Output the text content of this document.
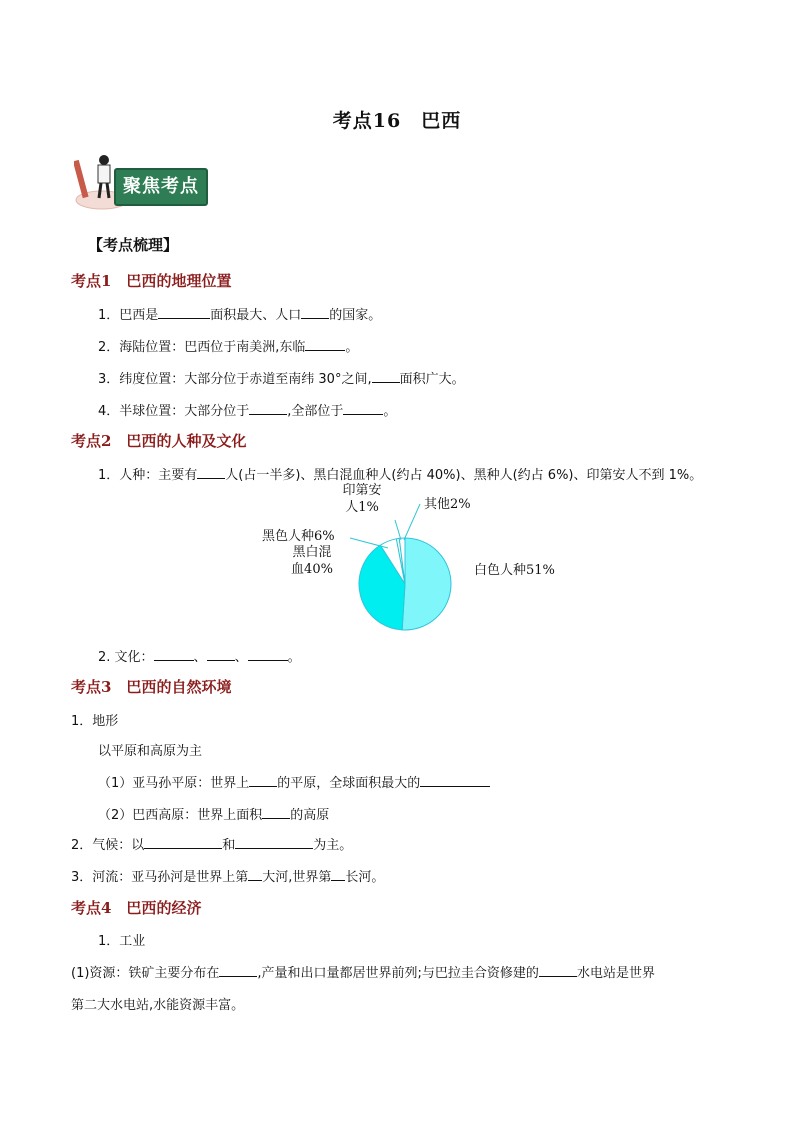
考点16　巴西
聚焦考点
【考点梳理】
考点1　巴西的地理位置
1．巴西是	面积最大、人口 的国家。
2．海陆位置：巴西位于南美洲,东临	。
3．纬度位置：大部分位于赤道至南纬 30°之间, 面积广大。
4．半球位置：大部分位于	,全部位于	。
考点2　巴西的人种及文化
1．人种：主要有 人(占一半多)、黑白混血种人(约占 40%)、黑种人(约占 6%)、印第安人不到 1%。
白色人种51%
黑白混血40%
黑色人种6%
印第安人1%	其他2%
2. 文化：	、 、	。
考点3　巴西的自然环境
1．地形
以平原和高原为主
（1）亚马孙平原：世界上 的平原，全球面积最大的
（2）巴西高原：世界上面积 的高原
2．气候：以	和	为主。
3．河流：亚马孙河是世界上第 大河,世界第 长河。
考点4　巴西的经济
1．工业
(1)资源：铁矿主要分布在	,产量和出口量都居世界前列;与巴拉圭合资修建的	水电站是世界
第二大水电站,水能资源丰富。
